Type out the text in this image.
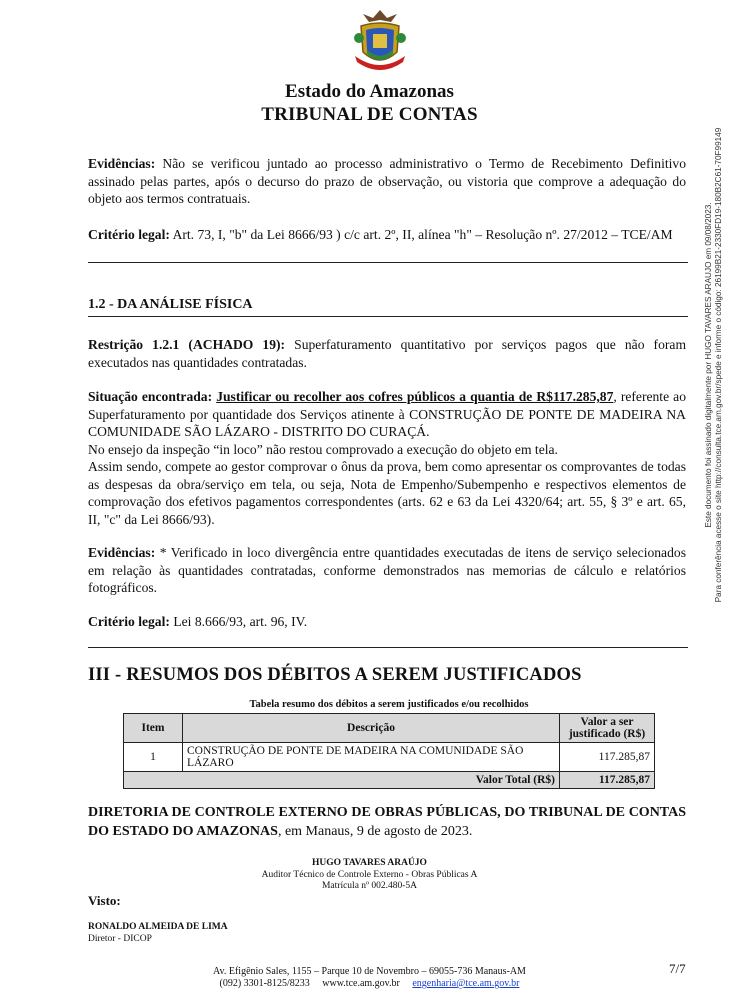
Estado do Amazonas
TRIBUNAL DE CONTAS
Evidências: Não se verificou juntado ao processo administrativo o Termo de Recebimento Definitivo assinado pelas partes, após o decurso do prazo de observação, ou vistoria que comprove a adequação do objeto aos termos contratuais.
Critério legal: Art. 73, I, "b" da Lei 8666/93 ) c/c art. 2º, II, alínea "h" – Resolução nº. 27/2012 – TCE/AM
1.2 - DA ANÁLISE FÍSICA
Restrição 1.2.1 (ACHADO 19): Superfaturamento quantitativo por serviços pagos que não foram executados nas quantidades contratadas.
Situação encontrada: Justificar ou recolher aos cofres públicos a quantia de R$117.285,87, referente ao Superfaturamento por quantidade dos Serviços atinente à CONSTRUÇÃO DE PONTE DE MADEIRA NA COMUNIDADE SÃO LÁZARO - DISTRITO DO CURAÇÁ.
No ensejo da inspeção “in loco” não restou comprovado a execução do objeto em tela.
Assim sendo, compete ao gestor comprovar o ônus da prova, bem como apresentar os comprovantes de todas as despesas da obra/serviço em tela, ou seja, Nota de Empenho/Subempenho e respectivos elementos de comprovação dos efetivos pagamentos correspondentes (arts. 62 e 63 da Lei 4320/64; art. 55, § 3º e art. 65, II, "c" da Lei 8666/93).
Evidências: * Verificado in loco divergência entre quantidades executadas de itens de serviço selecionados em relação às quantidades contratadas, conforme demonstrados nas memorias de cálculo e relatórios fotográficos.
Critério legal: Lei 8.666/93, art. 96, IV.
III - RESUMOS DOS DÉBITOS A SEREM JUSTIFICADOS
Tabela resumo dos débitos a serem justificados e/ou recolhidos
Item	Descrição	Valor a ser justificado (R$)
1	CONSTRUÇÃO DE PONTE DE MADEIRA NA COMUNIDADE SÃO LÁZARO	117.285,87
Valor Total (R$)		117.285,87
DIRETORIA DE CONTROLE EXTERNO DE OBRAS PÚBLICAS, DO TRIBUNAL DE CONTAS DO ESTADO DO AMAZONAS, em Manaus, 9 de agosto de 2023.
HUGO TAVARES ARAÚJO
Auditor Técnico de Controle Externo - Obras Públicas A
Matrícula nº 002.480-5A
Visto:
RONALDO ALMEIDA DE LIMA
Diretor - DICOP
Av. Efigênio Sales, 1155 – Parque 10 de Novembro – 69055-736 Manaus-AM
(092) 3301-8125/8233     www.tce.am.gov.br     engenharia@tce.am.gov.br
7/7
Este documento foi assinado digitalmente por HUGO TAVARES ARAUJO em 09/08/2023. Para conferência acesse o site http://consulta.tce.am.gov.br/spede e informe o código: 26199B21-2330FD19-180B2C61-70F99149
